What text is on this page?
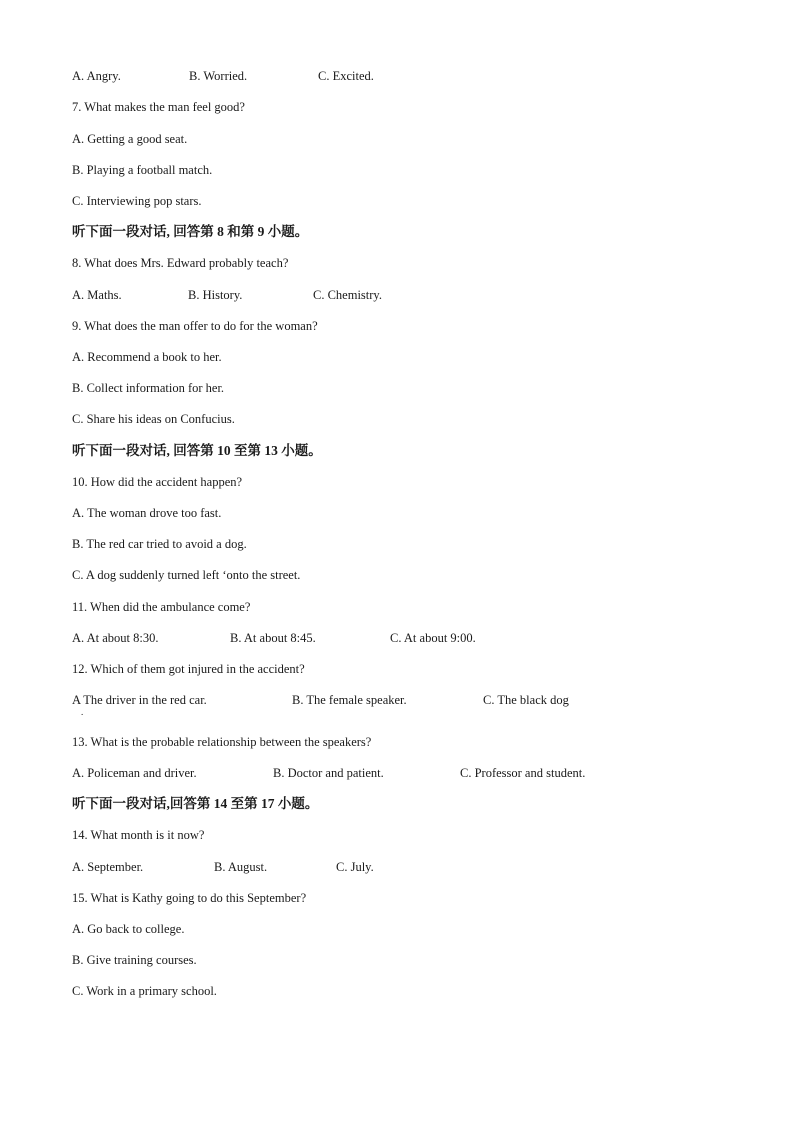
A. Angry.	B. Worried.	C. Excited.
7. What makes the man feel good?
A. Getting a good seat.
B. Playing a football match.
C. Interviewing pop stars.
听下面一段对话, 回答第 8 和第 9 小题。
8. What does Mrs. Edward probably teach?
A. Maths.	B. History.	C. Chemistry.
9. What does the man offer to do for the woman?
A. Recommend a book to her.
B. Collect information for her.
C. Share his ideas on Confucius.
听下面一段对话, 回答第 10 至第 13 小题。
10. How did the accident happen?
A. The woman drove too fast.
B. The red car tried to avoid a dog.
C. A dog suddenly turned left ‘onto the street.
11. When did the ambulance come?
A. At about 8:30.	B. At about 8:45.	C. At about 9:00.
12. Which of them got injured in the accident?
A The driver in the red car.
.
B. The female speaker.	C. The black dog
13. What is the probable relationship between the speakers?
A. Policeman and driver.	B. Doctor and patient.	C. Professor and student.
听下面一段对话,回答第 14 至第 17 小题。
14. What month is it now?
A. September.	B. August.	C. July.
15. What is Kathy going to do this September?
A. Go back to college.
B. Give training courses.
C. Work in a primary school.
